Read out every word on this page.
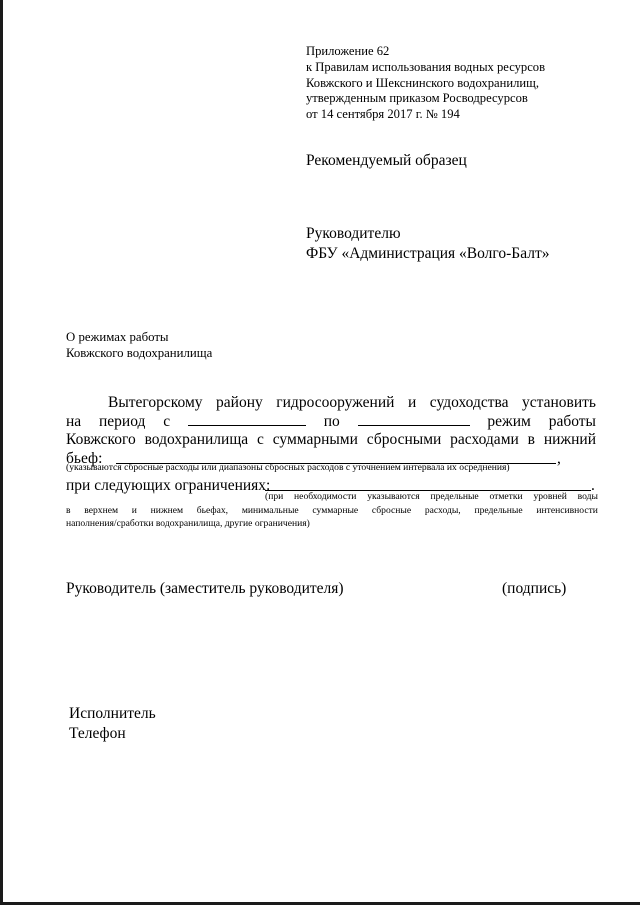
Приложение 62
к Правилам использования водных ресурсов
Ковжского и Шекснинского водохранилищ,
утвержденным приказом Росводресурсов
от 14 сентября 2017 г. № 194
Рекомендуемый образец
Руководителю
ФБУ «Администрация «Волго-Балт»
О режимах работы
Ковжского водохранилища
Вытегорскому району гидросооружений и судоходства установить
на период с	по	режим работы
Ковжского водохранилища с суммарными сбросными расходами в нижний
бьеф:	,
(указываются сбросные расходы или диапазоны сбросных расходов с уточнением интервала их осреднения)
при следующих ограничениях:	.
(при необходимости указываются предельные отметки уровней воды
в верхнем и нижнем бьефах, минимальные суммарные сбросные расходы, предельные интенсивности
наполнения/сработки водохранилища, другие ограничения)
Руководитель (заместитель руководителя)	(подпись)
Исполнитель
Телефон
